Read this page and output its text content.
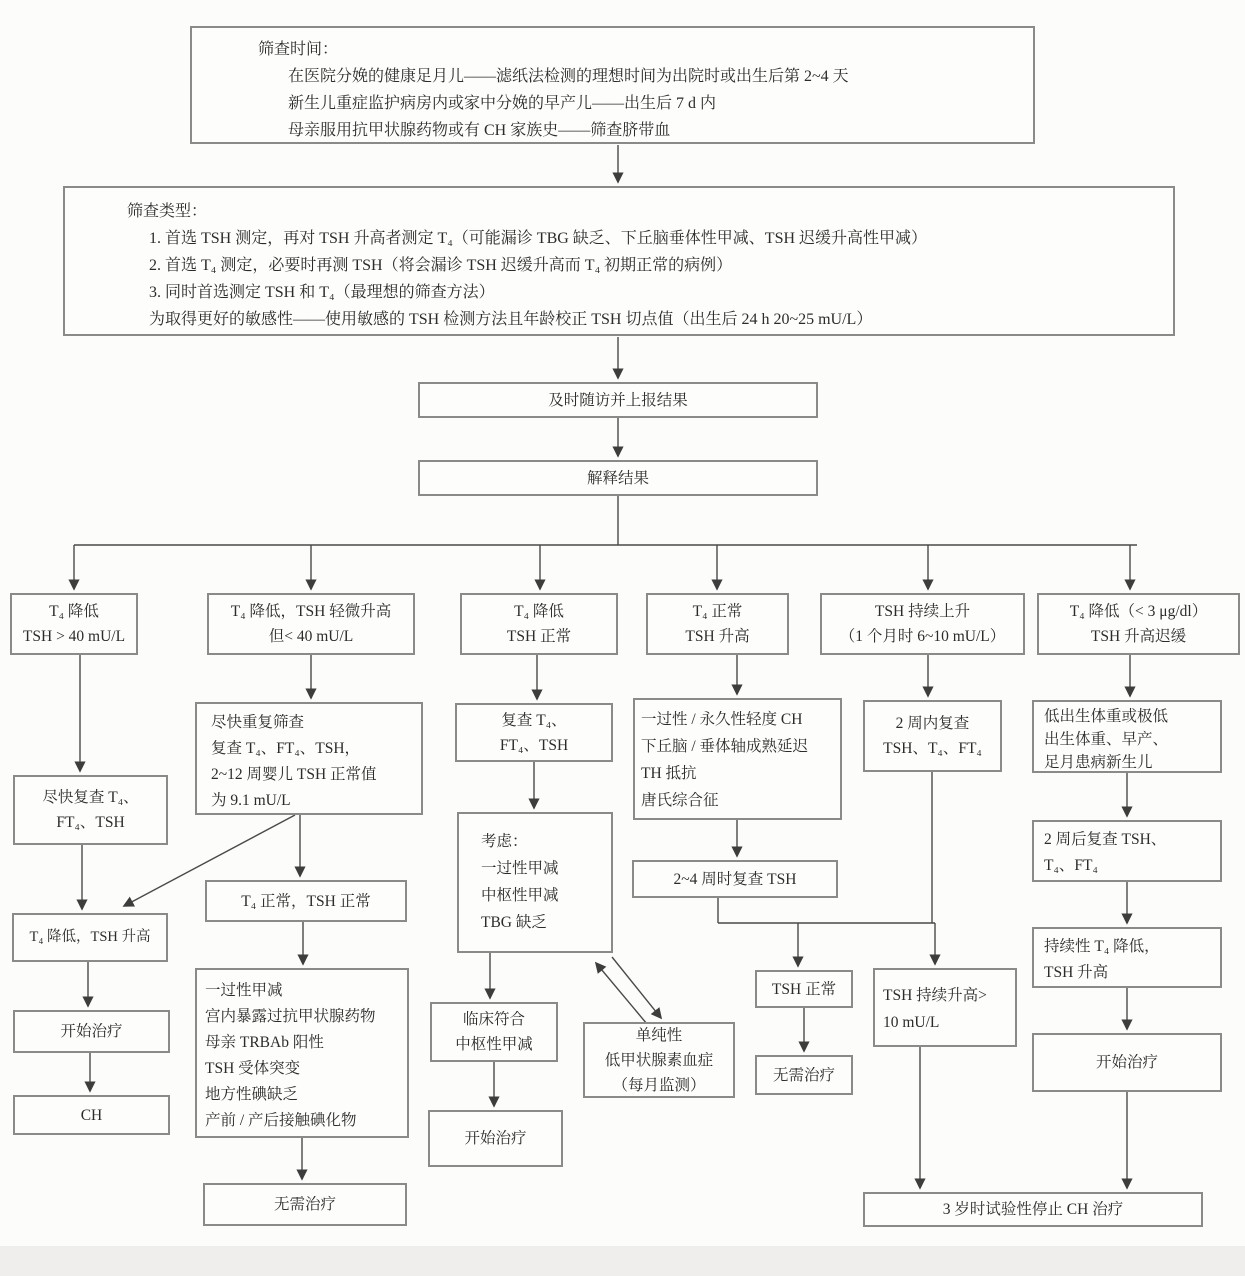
筛查时间：
在医院分娩的健康足月儿——滤纸法检测的理想时间为出院时或出生后第 2~4 天
新生儿重症监护病房内或家中分娩的早产儿——出生后 7 d 内
母亲服用抗甲状腺药物或有 CH 家族史——筛查脐带血
筛查类型：
1. 首选 TSH 测定，再对 TSH 升高者测定 T₄（可能漏诊 TBG 缺乏、下丘脑垂体性甲减、TSH 迟缓升高性甲减）
2. 首选 T₄ 测定，必要时再测 TSH（将会漏诊 TSH 迟缓升高而 T₄ 初期正常的病例）
3. 同时首选测定 TSH 和 T₄（最理想的筛查方法）
为取得更好的敏感性——使用敏感的 TSH 检测方法且年龄校正 TSH 切点值（出生后 24 h 20~25 mU/L）
及时随访并上报结果
解释结果
T₄ 降低
TSH > 40 mU/L
T₄ 降低，TSH 轻微升高
但< 40 mU/L
T₄ 降低
TSH 正常
T₄ 正常
TSH 升高
TSH 持续上升
（1 个月时 6~10 mU/L）
T₄ 降低（< 3 μg/dl）
TSH 升高迟缓
尽快复查 T₄、
FT₄、TSH
T₄ 降低，TSH 升高
开始治疗
CH
尽快重复筛查
复查 T₄、FT₄、TSH，
2~12 周婴儿 TSH 正常值
为 9.1 mU/L
T₄ 正常，TSH 正常
一过性甲减
宫内暴露过抗甲状腺药物
母亲 TRBAb 阳性
TSH 受体突变
地方性碘缺乏
产前 / 产后接触碘化物
无需治疗
复查 T₄、
FT₄、TSH
考虑：
一过性甲减
中枢性甲减
TBG 缺乏
临床符合
中枢性甲减
开始治疗
单纯性
低甲状腺素血症
（每月监测）
一过性 / 永久性轻度 CH
下丘脑 / 垂体轴成熟延迟
TH 抵抗
唐氏综合征
2~4 周时复查 TSH
2 周内复查
TSH、T₄、FT₄
TSH 正常
无需治疗
TSH 持续升高>
10 mU/L
低出生体重或极低
出生体重、早产、
足月患病新生儿
2 周后复查 TSH、
T₄、FT₄
持续性 T₄ 降低，
TSH 升高
开始治疗
3 岁时试验性停止 CH 治疗
